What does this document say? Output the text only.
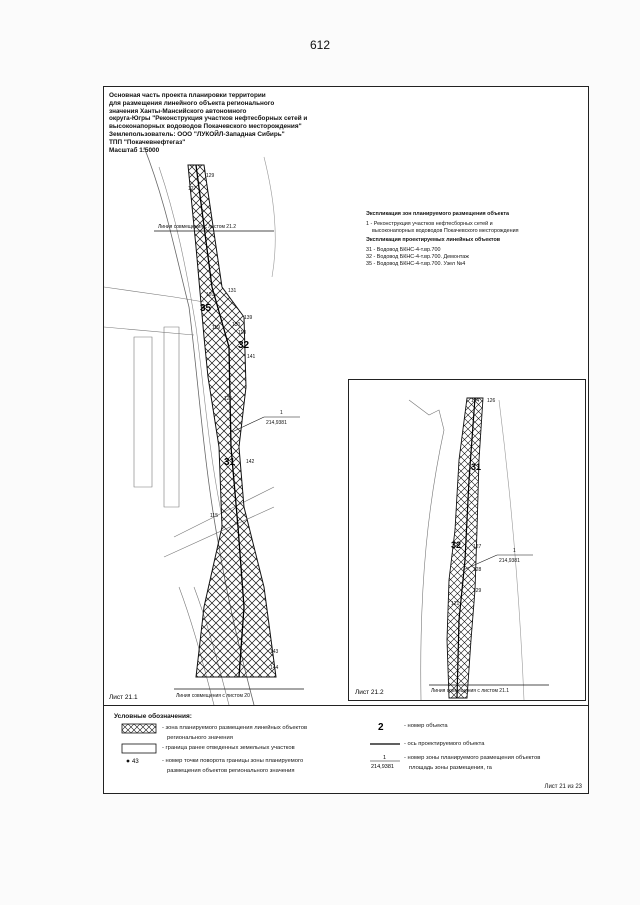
612
Линия совмещения с листом 21.2
Линия совмещения с листом 20
129
127
131
120
139
130
119
118
141
125
142
115
143
144
35
32
31
1
214,9381
Лист 21.1
Основная часть проекта планировки территории
для размещения линейного объекта регионального
значения Ханты-Мансийского автономного
округа-Югры "Реконструкция участков нефтесборных сетей и
высоконапорных водоводов Покачевского месторождения"
Землепользователь: ООО "ЛУКОЙЛ-Западная Сибирь"
ТПП "Покачевнефтегаз"
Масштаб 1:5000
Экспликация зон планируемого размещения объекта
1 - Реконструкция участков нефтесборных сетей и
высоконапорных водоводов Покачевского месторождения
Экспликация проектируемых линейных объектов
31 - Водовод БКНС-4-т.вр.700
32 - Водовод БКНС-4-т.вр.700. Демонтаж
35 - Водовод БКНС-4-т.вр.700. Узел №4
Линия совмещения с листом 21.1
124 126
127
128
129
121
31
32
1
214,9381
Лист 21.2
Условные обозначения:
43
2
1
214,9381
- зона планируемого размещения линейных объектов
регионального значения
- граница ранее отведенных земельных участков
- номер точки поворота границы зоны планируемого
размещения объектов регионального значения
- номер объекта
- ось проектируемого объекта
- номер зоны планируемого размещения объектов
площадь зоны размещения, га
Лист 21 из 23
